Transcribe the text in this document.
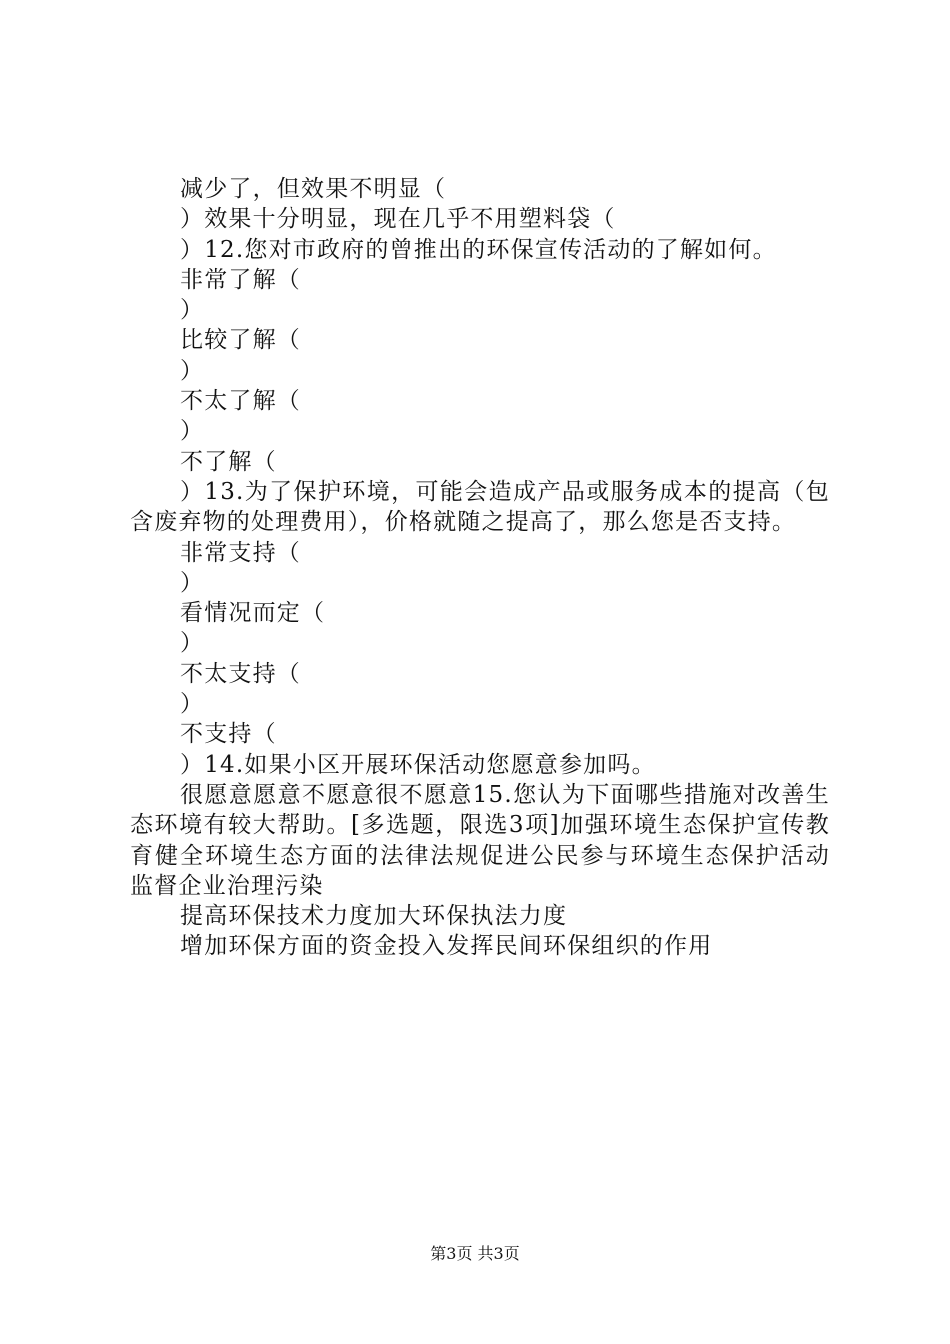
减少了，但效果不明显（
）效果十分明显，现在几乎不用塑料袋（
）12.您对市政府的曾推出的环保宣传活动的了解如何。
非常了解（
）
比较了解（
）
不太了解（
）
不了解（
）13.为了保护环境，可能会造成产品或服务成本的提高（包含废弃物的处理费用），价格就随之提高了，那么您是否支持。
非常支持（
）
看情况而定（
）
不太支持（
）
不支持（
）14.如果小区开展环保活动您愿意参加吗。
很愿意愿意不愿意很不愿意15.您认为下面哪些措施对改善生态环境有较大帮助。[多选题，限选3项]加强环境生态保护宣传教育健全环境生态方面的法律法规促进公民参与环境生态保护活动监督企业治理污染
提高环保技术力度加大环保执法力度
增加环保方面的资金投入发挥民间环保组织的作用
第3页 共3页
